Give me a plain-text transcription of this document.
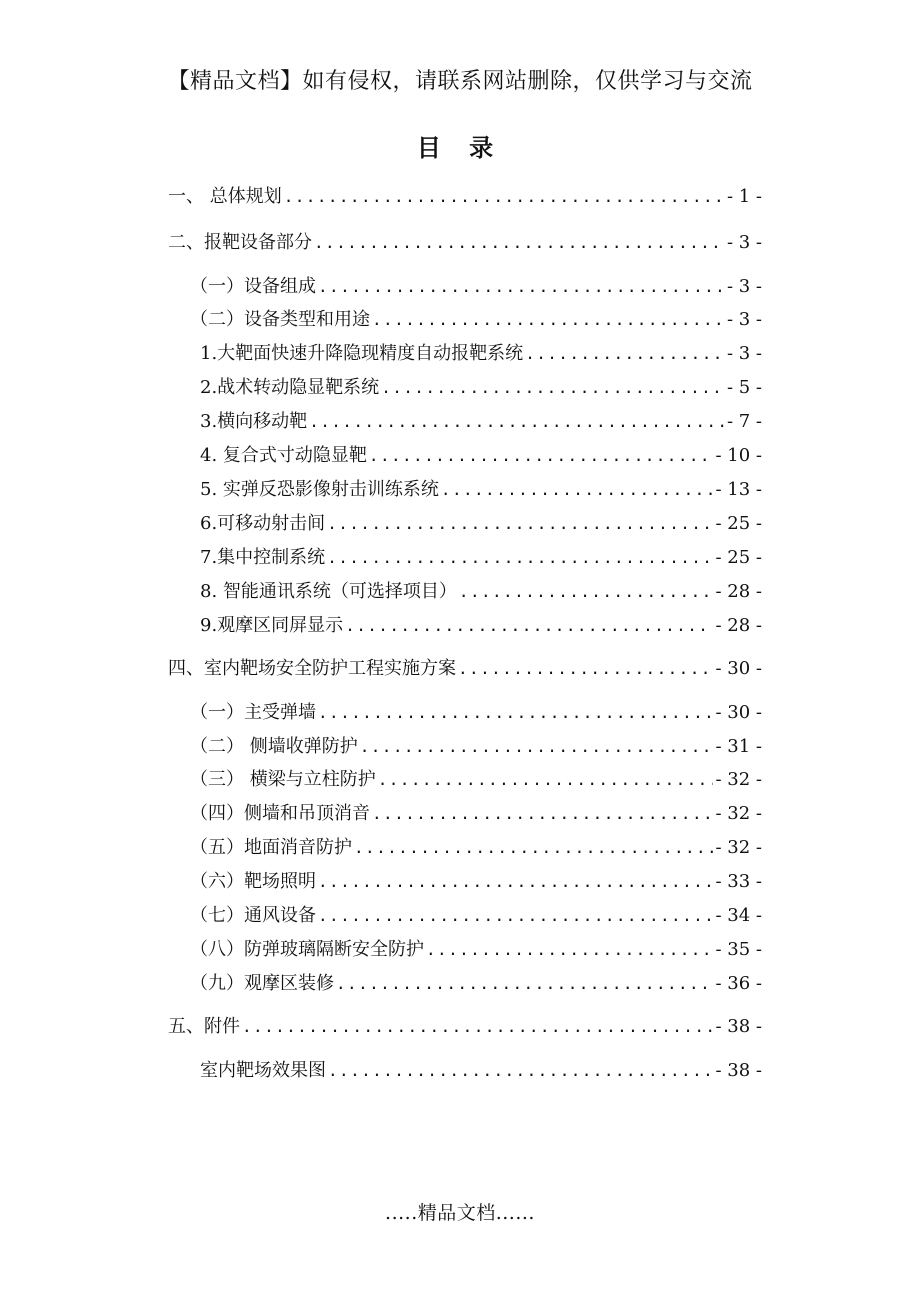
【精品文档】如有侵权，请联系网站删除，仅供学习与交流
目 录
一、 总体规划 .....	- 1 -
二、报靶设备部分 .....	- 3 -
（一）设备组成 .....	- 3 -
（二）设备类型和用途 .....	- 3 -
1.大靶面快速升降隐现精度自动报靶系统 .....	- 3 -
2.战术转动隐显靶系统 .....	- 5 -
3.横向移动靶 .....	- 7 -
4. 复合式寸动隐显靶 .....	- 10 -
5. 实弹反恐影像射击训练系统 .....	- 13 -
6.可移动射击间 .....	- 25 -
7.集中控制系统 .....	- 25 -
8. 智能通讯系统（可选择项目） .....	- 28 -
9.观摩区同屏显示 .....	- 28 -
四、室内靶场安全防护工程实施方案 .....	- 30 -
（一）主受弹墙 .....	- 30 -
（二） 侧墙收弹防护 .....	- 31 -
（三） 横梁与立柱防护 .....	- 32 -
（四）侧墙和吊顶消音 .....	- 32 -
（五）地面消音防护 .....	- 32 -
（六）靶场照明 .....	- 33 -
（七）通风设备 .....	- 34 -
（八）防弹玻璃隔断安全防护 .....	- 35 -
（九）观摩区装修 .....	- 36 -
五、附件 .....	- 38 -
室内靶场效果图 .....	- 38 -
.....精品文档......
